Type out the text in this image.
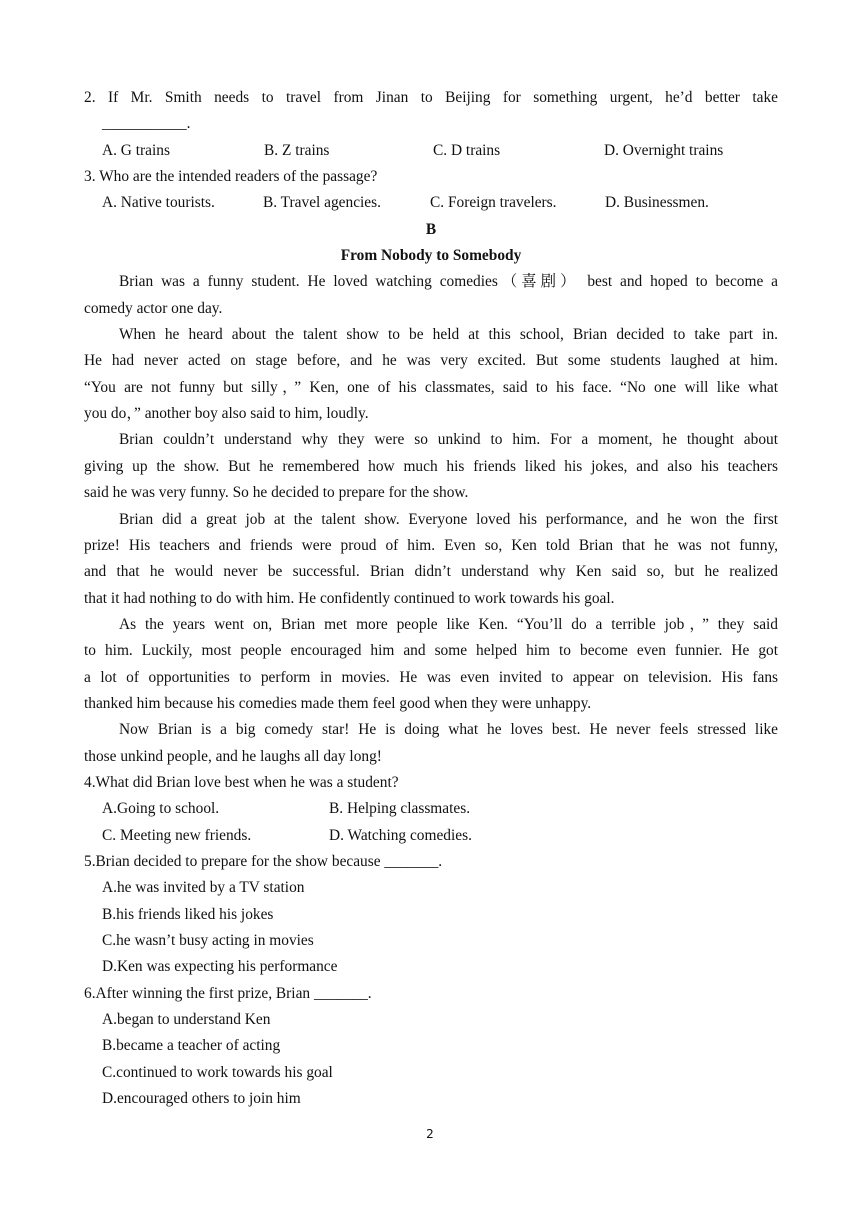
2. If Mr. Smith needs to travel from Jinan to Beijing for something urgent, he’d better take
___________.
A. G trains	B. Z trains	C. D trains	D. Overnight trains
3. Who are the intended readers of the passage?
A. Native tourists.	B. Travel agencies.	C. Foreign travelers.	D. Businessmen.
B
From Nobody to Somebody
Brian was a funny student. He loved watching comedies（喜剧） best and hoped to become a
comedy actor one day.
When he heard about the talent show to be held at this school, Brian decided to take part in.
He had never acted on stage before, and he was very excited. But some students laughed at him.
“You are not funny but silly，” Ken, one of his classmates, said to his face. “No one will like what
you do，” another boy also said to him, loudly.
Brian couldn’t understand why they were so unkind to him. For a moment, he thought about
giving up the show. But he remembered how much his friends liked his jokes, and also his teachers
said he was very funny. So he decided to prepare for the show.
Brian did a great job at the talent show. Everyone loved his performance, and he won the first
prize! His teachers and friends were proud of him. Even so, Ken told Brian that he was not funny,
and that he would never be successful. Brian didn’t understand why Ken said so, but he realized
that it had nothing to do with him. He confidently continued to work towards his goal.
As the years went on, Brian met more people like Ken. “You’ll do a terrible job，” they said
to him. Luckily, most people encouraged him and some helped him to become even funnier. He got
a lot of opportunities to perform in movies. He was even invited to appear on television. His fans
thanked him because his comedies made them feel good when they were unhappy.
Now Brian is a big comedy star! He is doing what he loves best. He never feels stressed like
those unkind people, and he laughs all day long!
4.What did Brian love best when he was a student?
A.Going to school.	B. Helping classmates.
C. Meeting new friends.	D. Watching comedies.
5.Brian decided to prepare for the show because _______.
A.he was invited by a TV station
B.his friends liked his jokes
C.he wasn’t busy acting in movies
D.Ken was expecting his performance
6.After winning the first prize, Brian _______.
A.began to understand Ken
B.became a teacher of acting
C.continued to work towards his goal
D.encouraged others to join him
2
